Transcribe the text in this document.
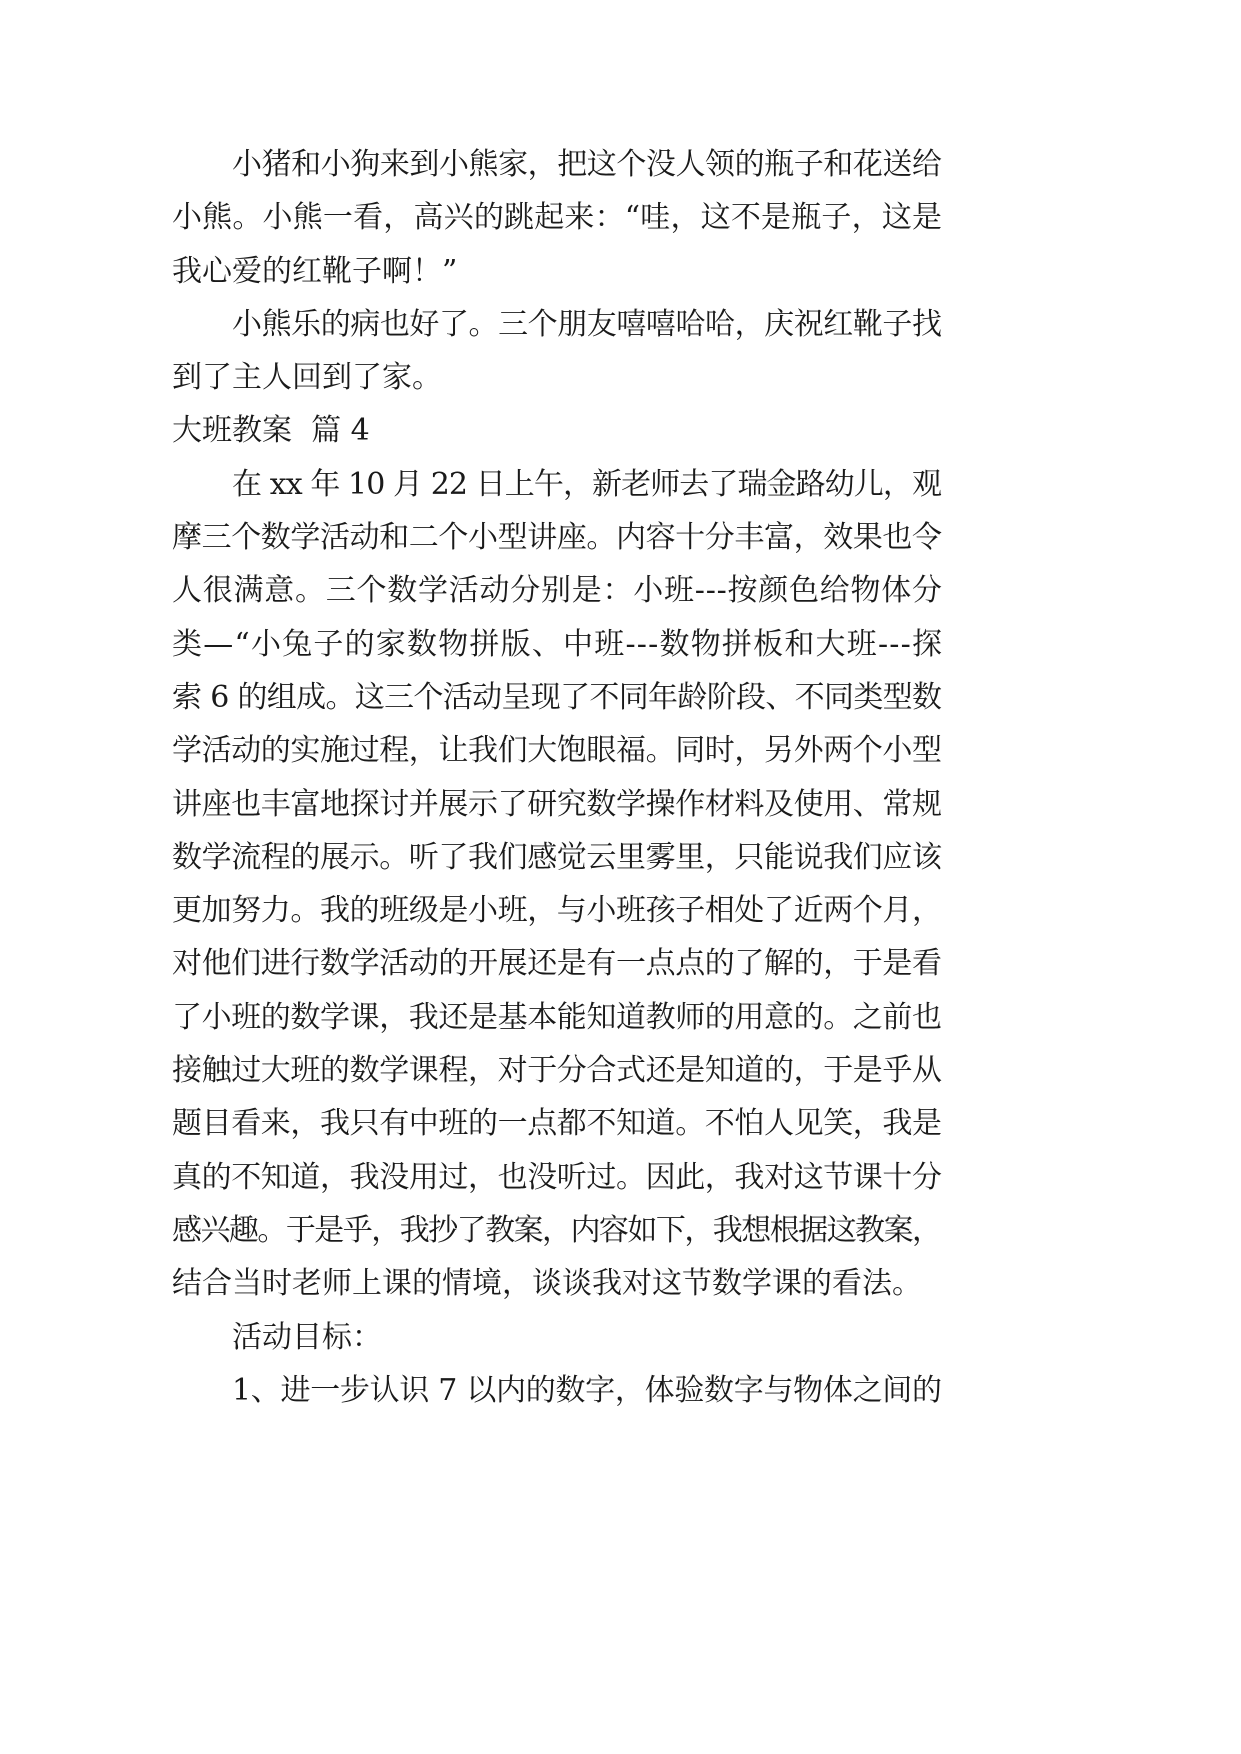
小猪和小狗来到小熊家，把这个没人领的瓶子和花送给
小熊。小熊一看，高兴的跳起来：“哇，这不是瓶子，这是
我心爱的红靴子啊！”
小熊乐的病也好了。三个朋友嘻嘻哈哈，庆祝红靴子找
到了主人回到了家。
大班教案  篇 4
在 xx 年 10 月 22 日上午，新老师去了瑞金路幼儿，观
摩三个数学活动和二个小型讲座。内容十分丰富，效果也令
人很满意。三个数学活动分别是：小班---按颜色给物体分
类—“小兔子的家数物拼版、中班---数物拼板和大班---探
索 6 的组成。这三个活动呈现了不同年龄阶段、不同类型数
学活动的实施过程，让我们大饱眼福。同时，另外两个小型
讲座也丰富地探讨并展示了研究数学操作材料及使用、常规
数学流程的展示。听了我们感觉云里雾里，只能说我们应该
更加努力。我的班级是小班，与小班孩子相处了近两个月，
对他们进行数学活动的开展还是有一点点的了解的，于是看
了小班的数学课，我还是基本能知道教师的用意的。之前也
接触过大班的数学课程，对于分合式还是知道的，于是乎从
题目看来，我只有中班的一点都不知道。不怕人见笑，我是
真的不知道，我没用过，也没听过。因此，我对这节课十分
感兴趣。于是乎，我抄了教案，内容如下，我想根据这教案，
结合当时老师上课的情境，谈谈我对这节数学课的看法。
活动目标：
1、进一步认识 7 以内的数字，体验数字与物体之间的
